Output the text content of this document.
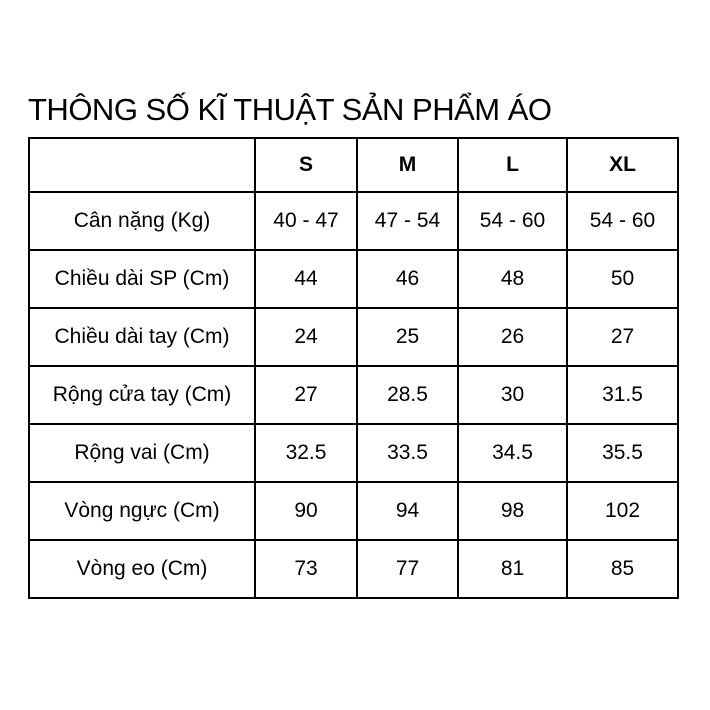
THÔNG SỐ KĨ THUẬT SẢN PHẨM ÁO
	S	M	L	XL
Cân nặng (Kg)	40 - 47	47 - 54	54 - 60	54 - 60
Chiều dài SP (Cm)	44	46	48	50
Chiều dài tay (Cm)	24	25	26	27
Rộng cửa tay (Cm)	27	28.5	30	31.5
Rộng vai (Cm)	32.5	33.5	34.5	35.5
Vòng ngực (Cm)	90	94	98	102
Vòng eo (Cm)	73	77	81	85
